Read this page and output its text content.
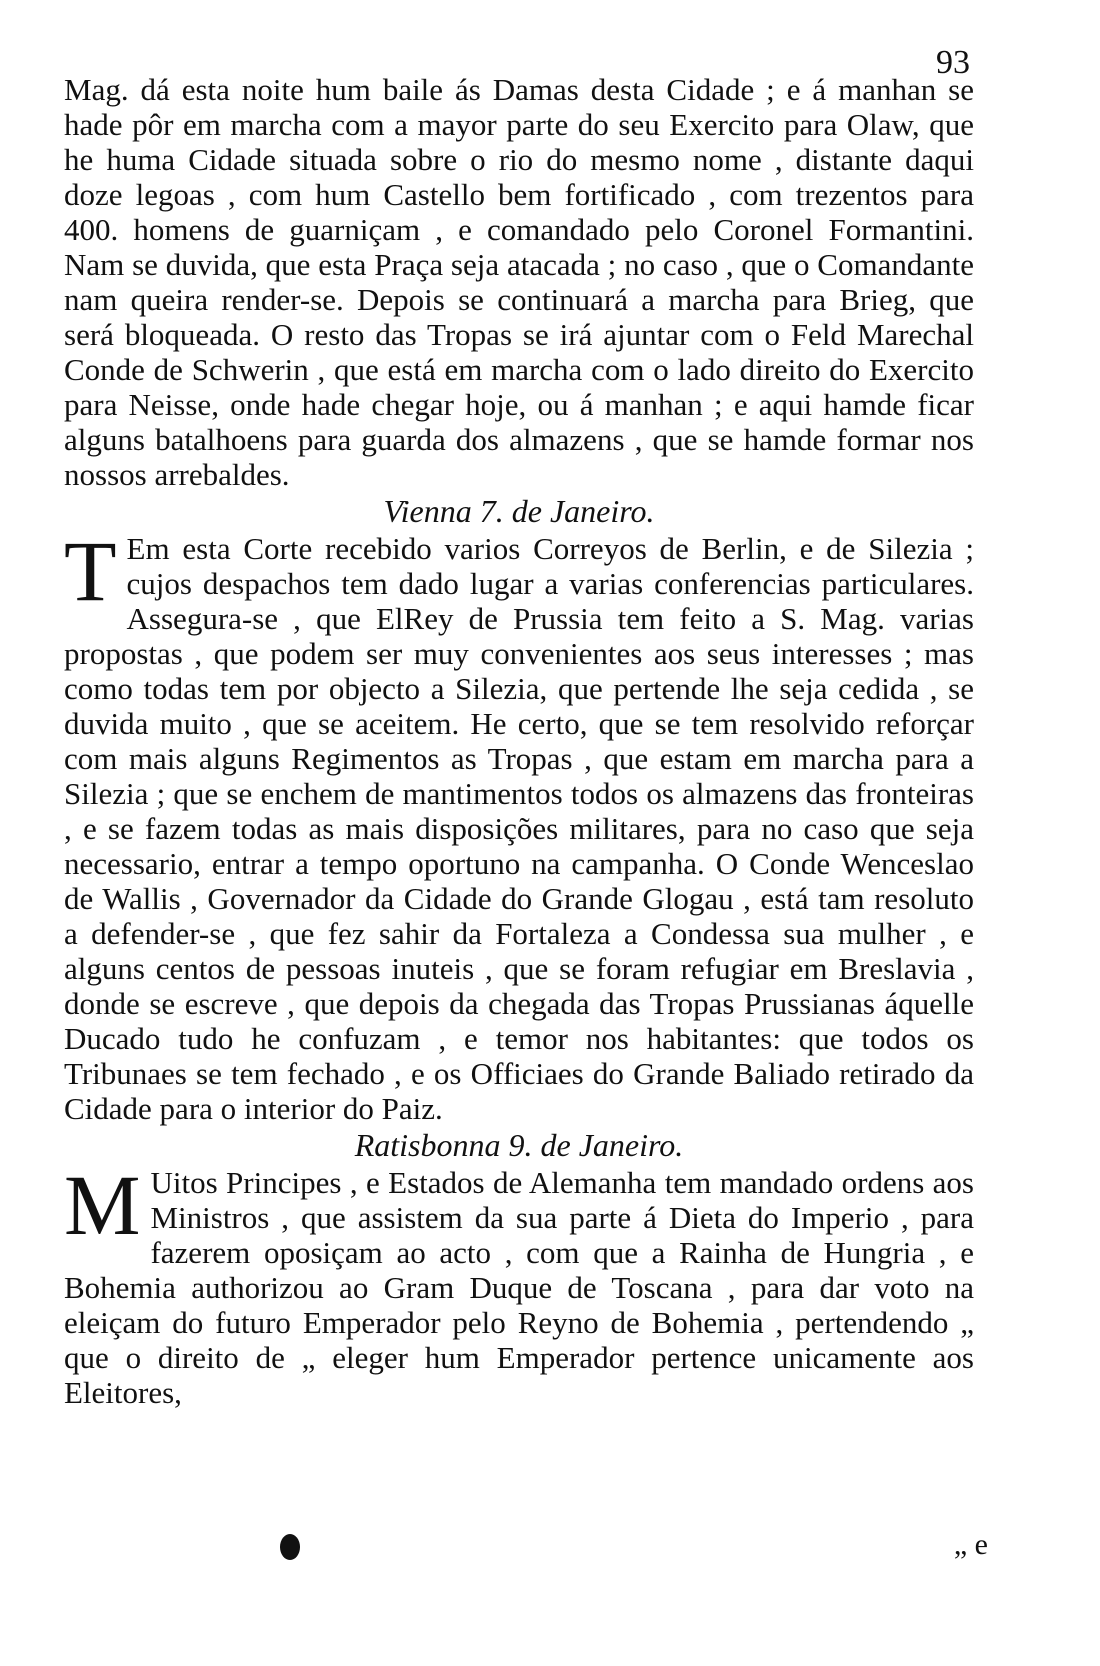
93

Mag. dá esta noite hum baile ás Damas desta Cidade ; e á manhan se hade pôr em marcha com a mayor parte do seu Exercito para Olaw, que he huma Cidade situada sobre o rio do mesmo nome , distante daqui doze legoas , com hum Castello bem fortificado , com trezentos para 400. homens de guarniçam , e comandado pelo Coronel Formantini. Nam se duvida, que esta Praça seja atacada ; no caso , que o Comandante nam queira render-se. Depois se continuará a marcha para Brieg, que será bloqueada. O resto das Tropas se irá ajuntar com o Feld Marechal Conde de Schwerin , que está em marcha com o lado direito do Exercito para Neisse, onde hade chegar hoje, ou á manhan ; e aqui hamde ficar alguns batalhoens para guarda dos almazens , que se hamde formar nos nossos arrebaldes.

Vienna 7. de Janeiro.

T Em esta Corte recebido varios Correyos de Berlin, e de Silezia ; cujos despachos tem dado lugar a varias conferencias particulares. Assegura-se , que ElRey de Prussia tem feito a S. Mag. varias propostas , que podem ser muy convenientes aos seus interesses ; mas como todas tem por objecto a Silezia, que pertende lhe seja cedida , se duvida muito , que se aceitem. He certo, que se tem resolvido reforçar com mais alguns Regimentos as Tropas , que estam em marcha para a Silezia ; que se enchem de mantimentos todos os almazens das fronteiras , e se fazem todas as mais disposições militares, para no caso que seja necessario, entrar a tempo oportuno na campanha. O Conde Wenceslao de Wallis , Governador da Cidade do Grande Glogau , está tam resoluto a defender-se , que fez sahir da Fortaleza a Condessa sua mulher , e alguns centos de pessoas inuteis , que se foram refugiar em Breslavia , donde se escreve , que depois da chegada das Tropas Prussianas áquelle Ducado tudo he confuzam , e temor nos habitantes: que todos os Tribunaes se tem fechado , e os Officiaes do Grande Baliado retirado da Cidade para o interior do Paiz.

Ratisbonna 9. de Janeiro.

M Uitos Principes , e Estados de Alemanha tem mandado ordens aos Ministros , que assistem da sua parte á Dieta do Imperio , para fazerem oposiçam ao acto , com que a Rainha de Hungria , e Bohemia authorizou ao Gram Duque de Toscana , para dar voto na eleiçam do futuro Emperador pelo Reyno de Bohemia , pertendendo „ que o direito de „ eleger hum Emperador pertence unicamente aos Eleitores,

„ e
